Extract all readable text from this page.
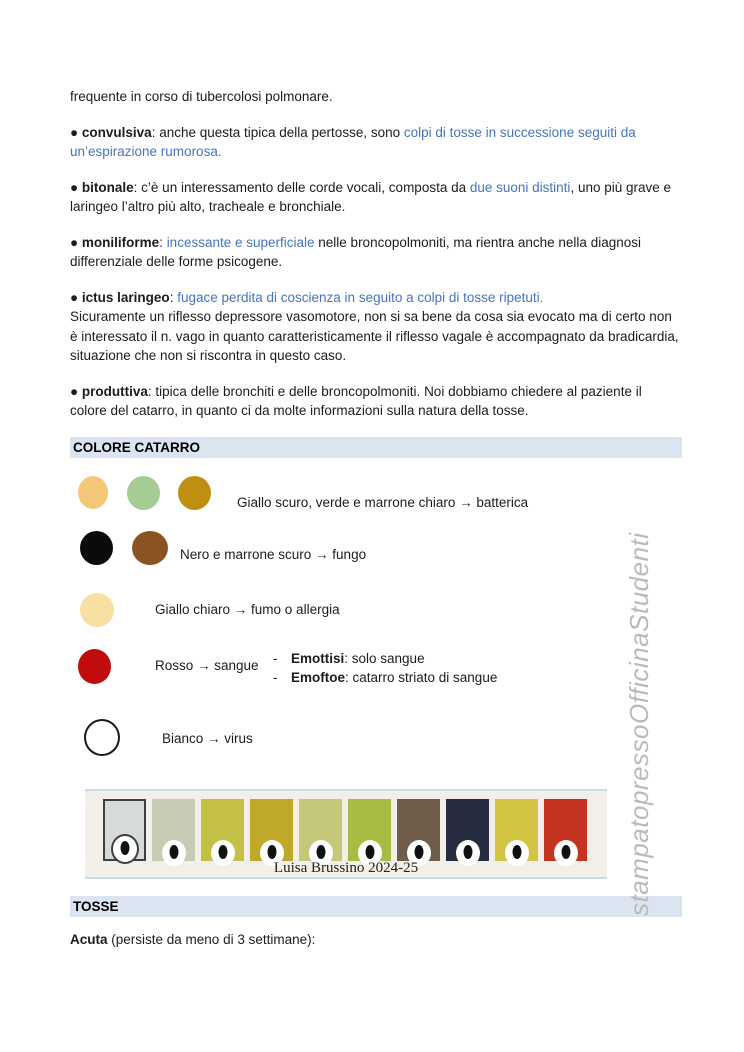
frequente in corso di tubercolosi polmonare.

● convulsiva: anche questa tipica della pertosse, sono colpi di tosse in successione seguiti da un’espirazione rumorosa.

● bitonale: c’è un interessamento delle corde vocali, composta da due suoni distinti, uno più grave e laringeo l’altro più alto, tracheale e bronchiale.

● moniliforme: incessante e superficiale nelle broncopolmoniti, ma rientra anche nella diagnosi differenziale delle forme psicogene.

● ictus laringeo: fugace perdita di coscienza in seguito a colpi di tosse ripetuti.
Sicuramente un riflesso depressore vasomotore, non si sa bene da cosa sia evocato ma di certo non è interessato il n. vago in quanto caratteristicamente il riflesso vagale è accompagnato da bradicardia, situazione che non si riscontra in questo caso.

● produttiva: tipica delle bronchiti e delle broncopolmoniti. Noi dobbiamo chiedere al paziente il colore del catarro, in quanto ci da molte informazioni sulla natura della tosse.

COLORE CATARRO
Giallo scuro, verde e marrone chiaro → batterica
Nero e marrone scuro → fungo
Giallo chiaro → fumo o allergia
Rosso → sangue - Emottisi: solo sangue
- Emoftoe: catarro striato di sangue
Bianco → virus
Luisa Brussino 2024-25
TOSSE
Acuta (persiste da meno di 3 settimane):
stampatopressoOfficinaStudenti
